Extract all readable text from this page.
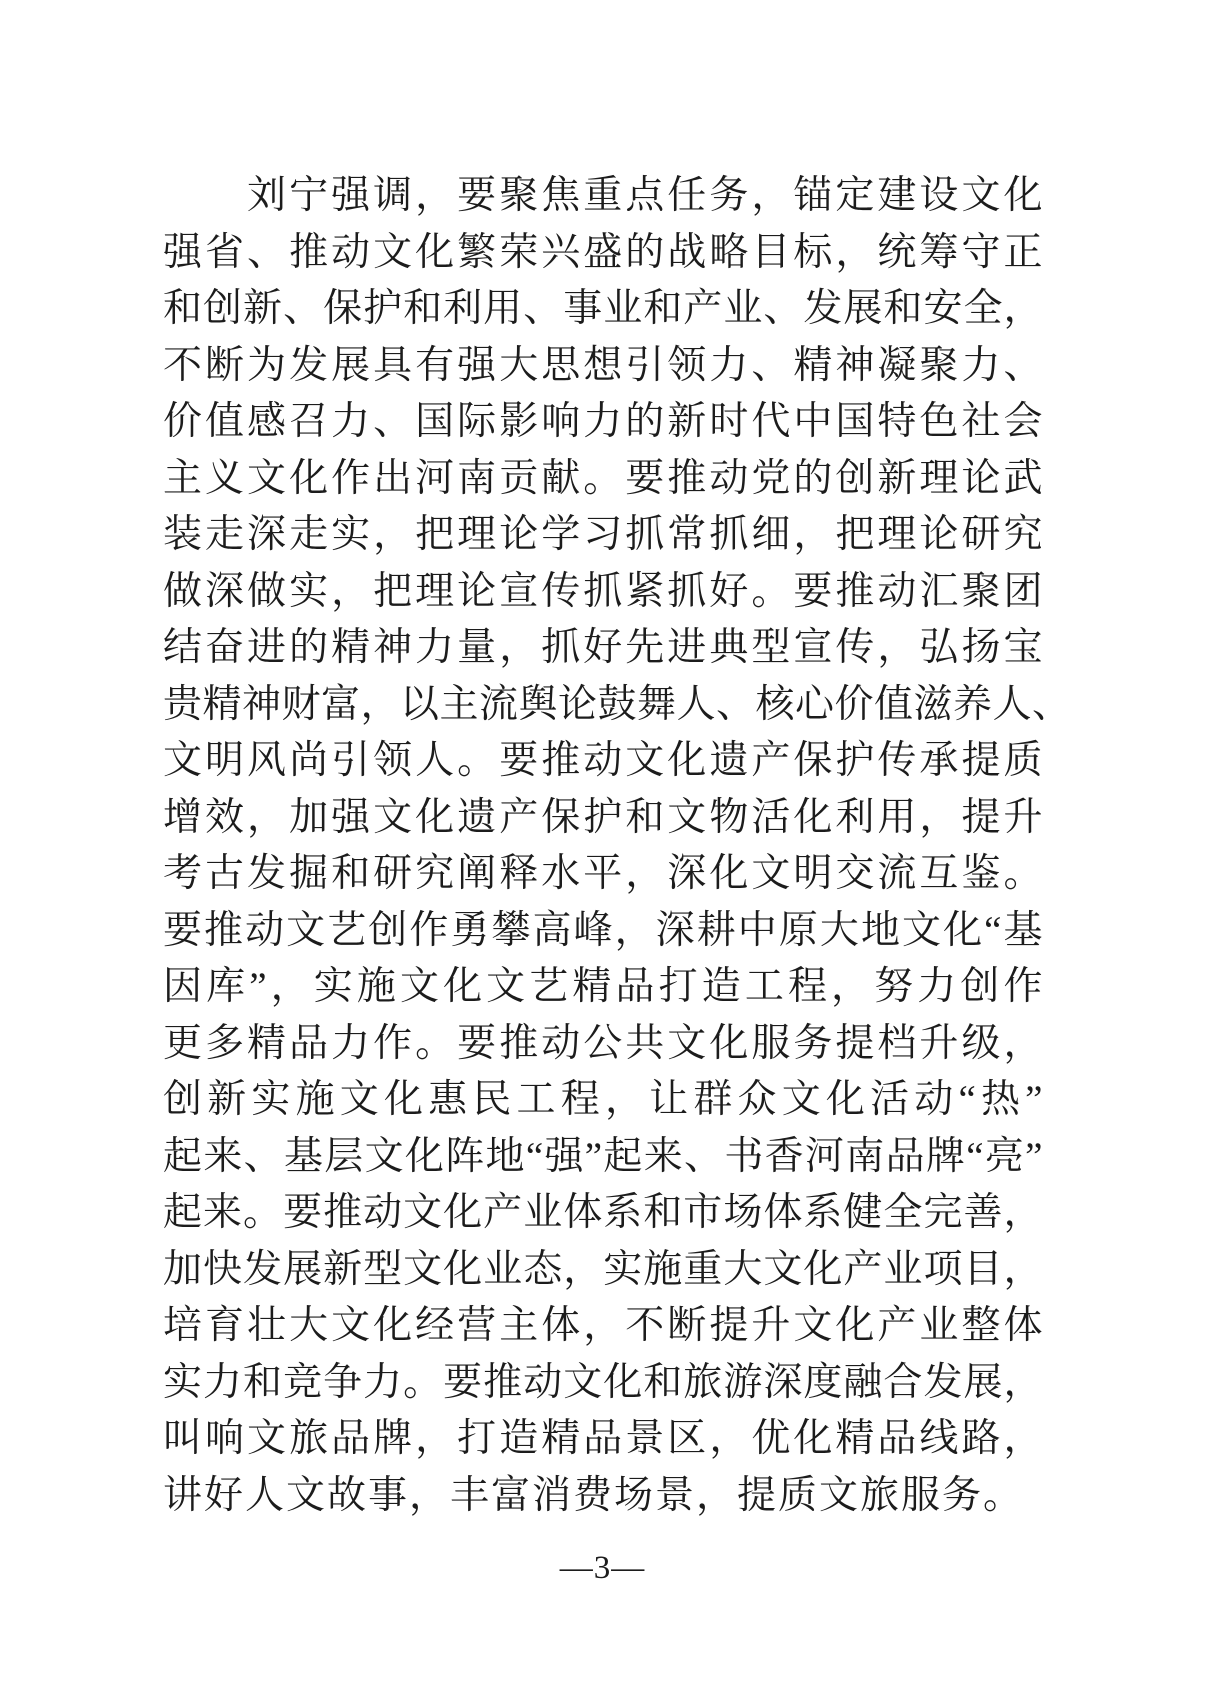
　　刘宁强调，要聚焦重点任务，锚定建设文化
强省、推动文化繁荣兴盛的战略目标，统筹守正
和创新、保护和利用、事业和产业、发展和安全，
不断为发展具有强大思想引领力、精神凝聚力、
价值感召力、国际影响力的新时代中国特色社会
主义文化作出河南贡献。要推动党的创新理论武
装走深走实，把理论学习抓常抓细，把理论研究
做深做实，把理论宣传抓紧抓好。要推动汇聚团
结奋进的精神力量，抓好先进典型宣传，弘扬宝
贵精神财富，以主流舆论鼓舞人、核心价值滋养人、
文明风尚引领人。要推动文化遗产保护传承提质
增效，加强文化遗产保护和文物活化利用，提升
考古发掘和研究阐释水平，深化文明交流互鉴。
要推动文艺创作勇攀高峰，深耕中原大地文化“基
因库”，实施文化文艺精品打造工程，努力创作
更多精品力作。要推动公共文化服务提档升级，
创新实施文化惠民工程，让群众文化活动“热”
起来、基层文化阵地“强”起来、书香河南品牌“亮”
起来。要推动文化产业体系和市场体系健全完善，
加快发展新型文化业态，实施重大文化产业项目，
培育壮大文化经营主体，不断提升文化产业整体
实力和竞争力。要推动文化和旅游深度融合发展，
叫响文旅品牌，打造精品景区，优化精品线路，
讲好人文故事，丰富消费场景，提质文旅服务。
—3—
